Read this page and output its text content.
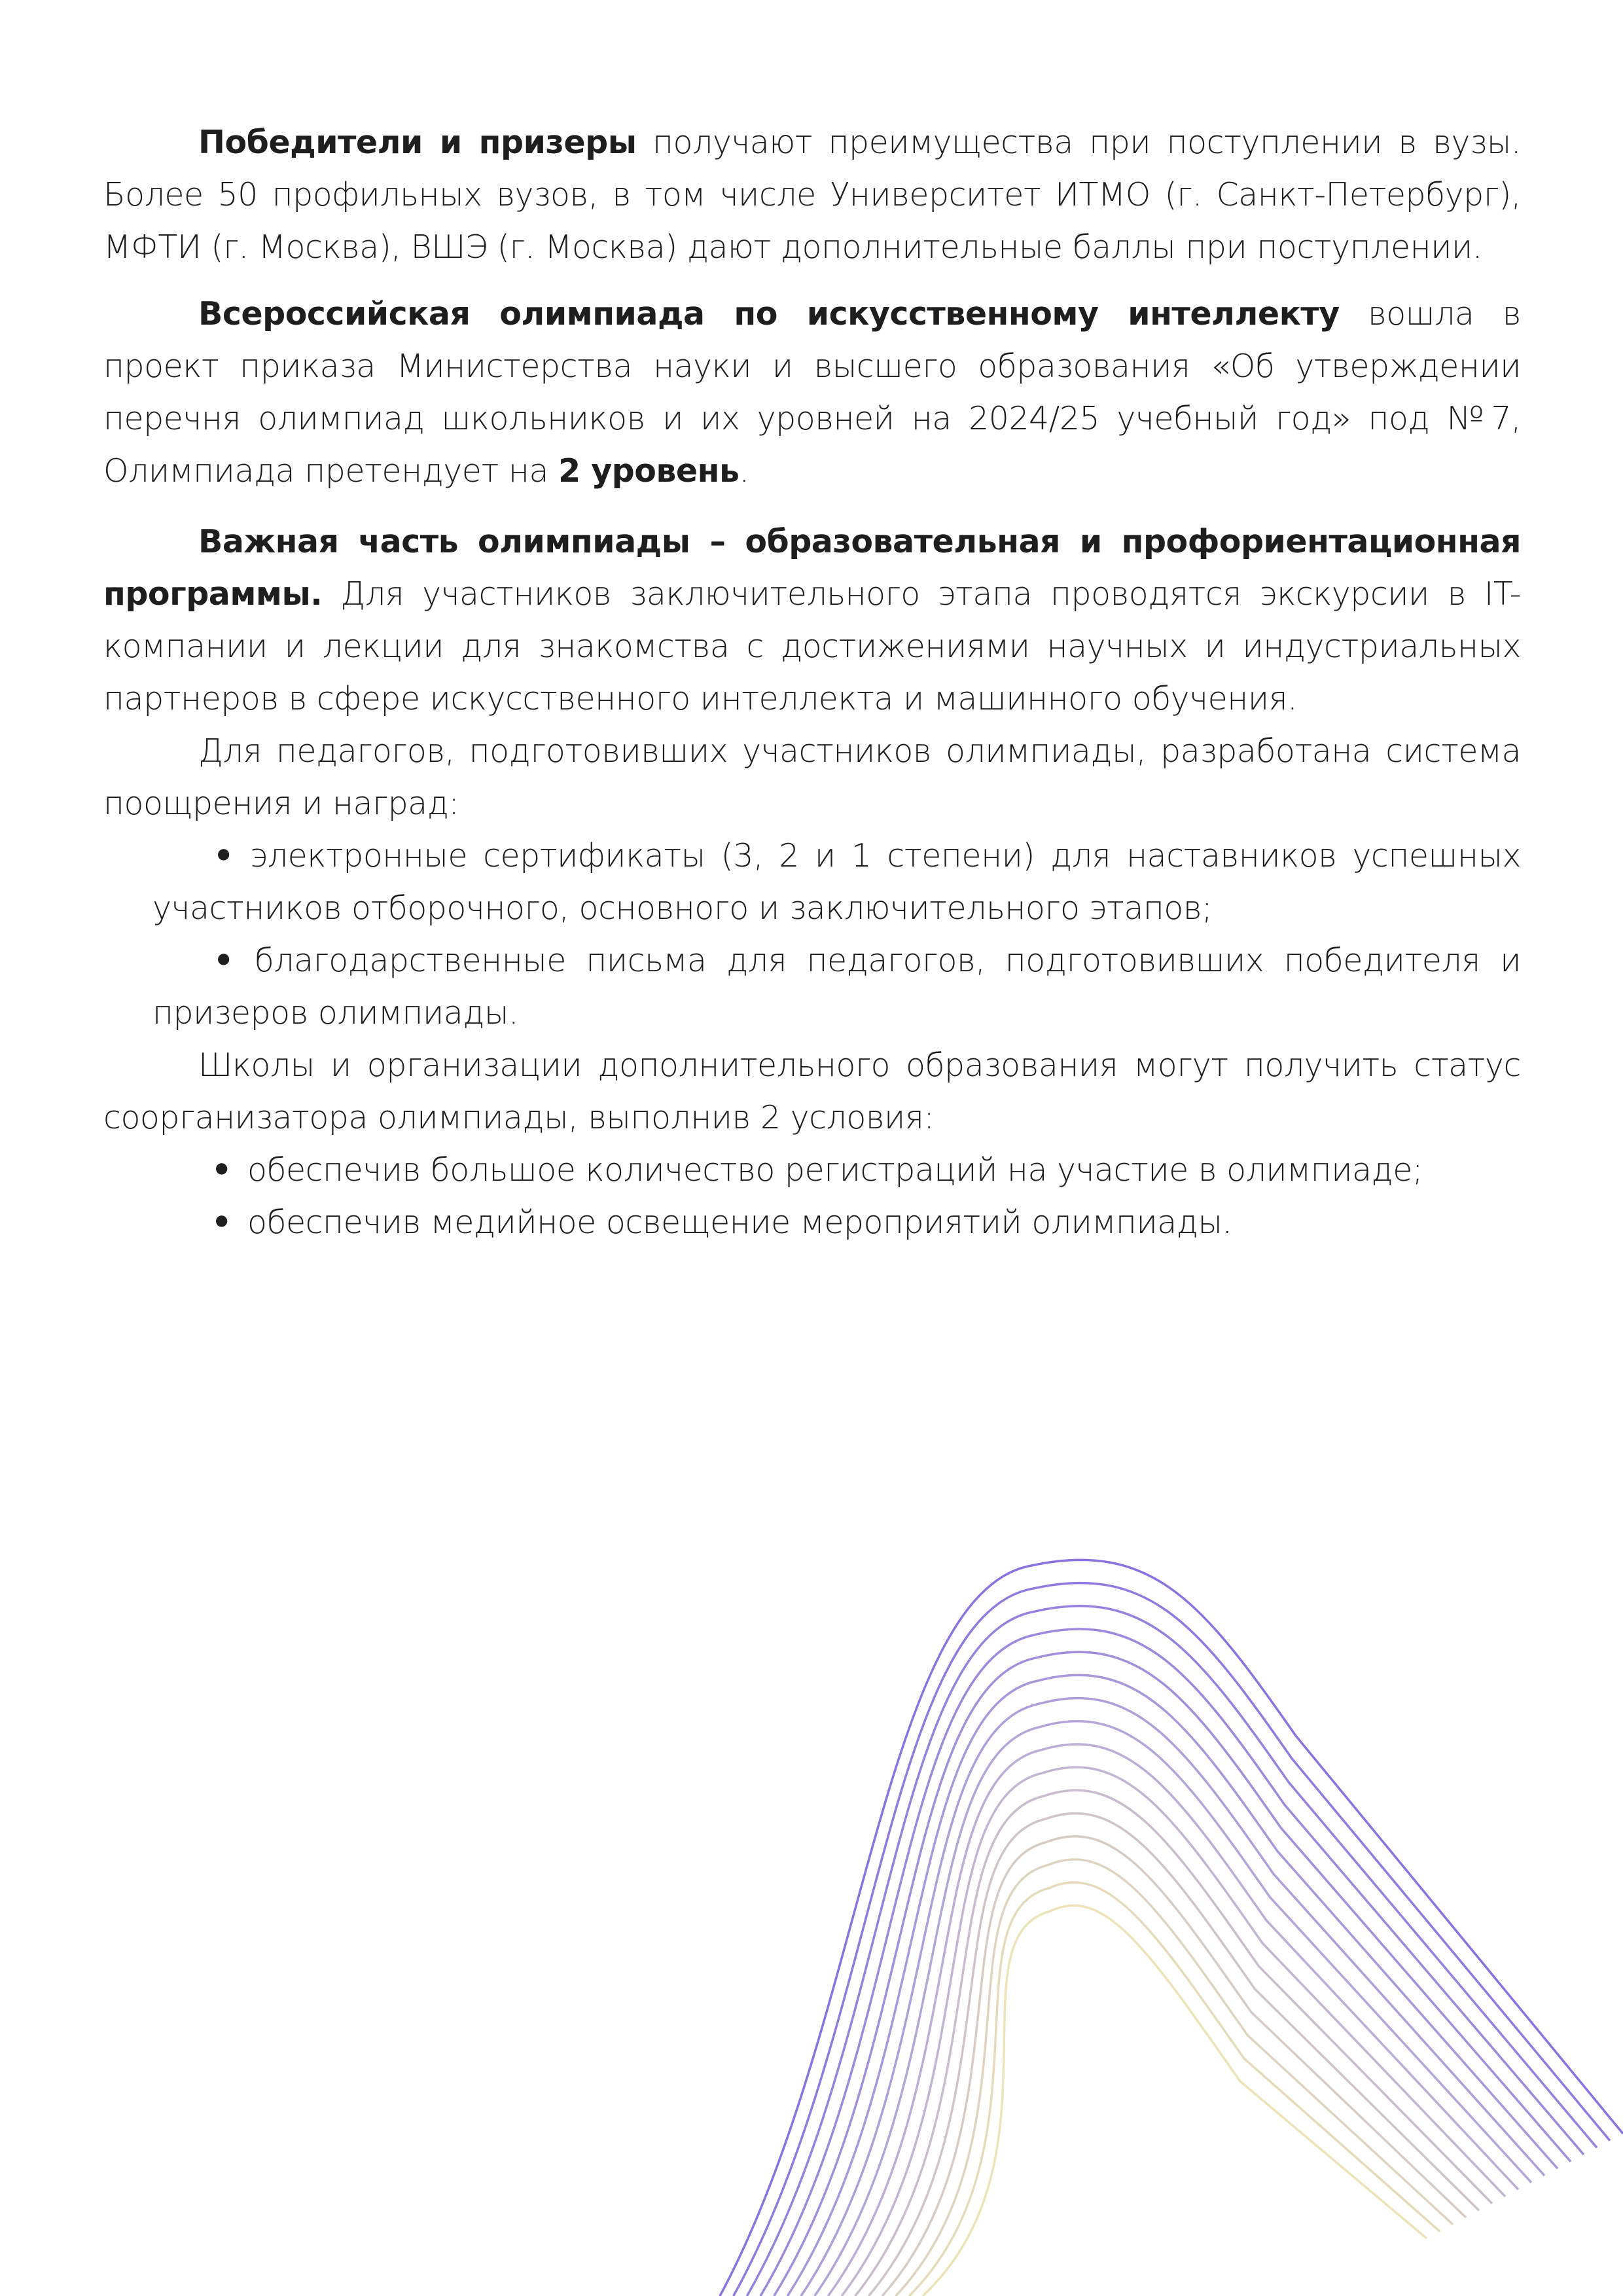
Победители и призеры получают преимущества при поступлении в вузы. Более 50 профильных вузов, в том числе Университет ИТМО (г. Санкт-Петербург), МФТИ (г. Москва), ВШЭ (г. Москва) дают дополнительные баллы при поступлении.

Всероссийская олимпиада по искусственному интеллекту вошла в проект приказа Министерства науки и высшего образования «Об утверждении перечня олимпиад школьников и их уровней на 2024/25 учебный год» под №7, Олимпиада претендует на 2 уровень.

Важная часть олимпиады – образовательная и профориентационная программы. Для участников заключительного этапа проводятся экскурсии в IT-компании и лекции для знакомства с достижениями научных и индустриальных партнеров в сфере искусственного интеллекта и машинного обучения.

Для педагогов, подготовивших участников олимпиады, разработана система поощрения и наград:

• электронные сертификаты (3, 2 и 1 степени) для наставников успешных участников отборочного, основного и заключительного этапов;

• благодарственные письма для педагогов, подготовивших победителя и призеров олимпиады.

Школы и организации дополнительного образования могут получить статус соорганизатора олимпиады, выполнив 2 условия:

• обеспечив большое количество регистраций на участие в олимпиаде;
• обеспечив медийное освещение мероприятий олимпиады.
